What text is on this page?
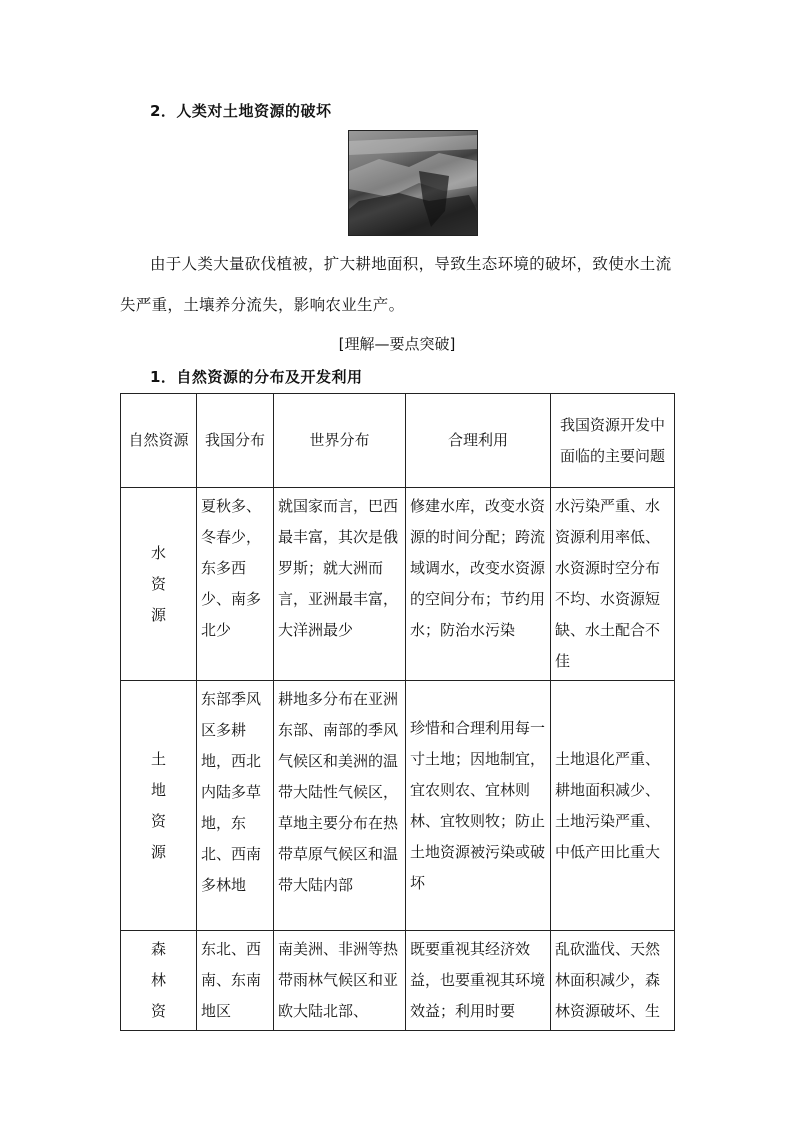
2．人类对土地资源的破坏
由于人类大量砍伐植被，扩大耕地面积，导致生态环境的破坏，致使水土流
失严重，土壤养分流失，影响农业生产。
[理解—要点突破]
1．自然资源的分布及开发利用
自然资源	我国分布	世界分布	合理利用	我国资源开发中面临的主要问题

水资源	夏秋多、冬春少，东多西少、南多北少	就国家而言，巴西最丰富，其次是俄罗斯；就大洲而言，亚洲最丰富，大洋洲最少	修建水库，改变水资源的时间分配；跨流域调水，改变水资源的空间分布；节约用水；防治水污染	水污染严重、水资源利用率低、水资源时空分布不均、水资源短缺、水土配合不佳

土地资源	东部季风区多耕地，西北内陆多草地，东北、西南多林地	耕地多分布在亚洲东部、南部的季风气候区和美洲的温带大陆性气候区，草地主要分布在热带草原气候区和温带大陆内部	珍惜和合理利用每一寸土地；因地制宜，宜农则农、宜林则林、宜牧则牧；防止土地资源被污染或破坏	土地退化严重、耕地面积减少、土地污染严重、中低产田比重大

森林资	东北、西南、东南地区	南美洲、非洲等热带雨林气候区和亚欧大陆北部、	既要重视其经济效益，也要重视其环境效益；利用时要	乱砍滥伐、天然林面积减少，森林资源破坏、生
